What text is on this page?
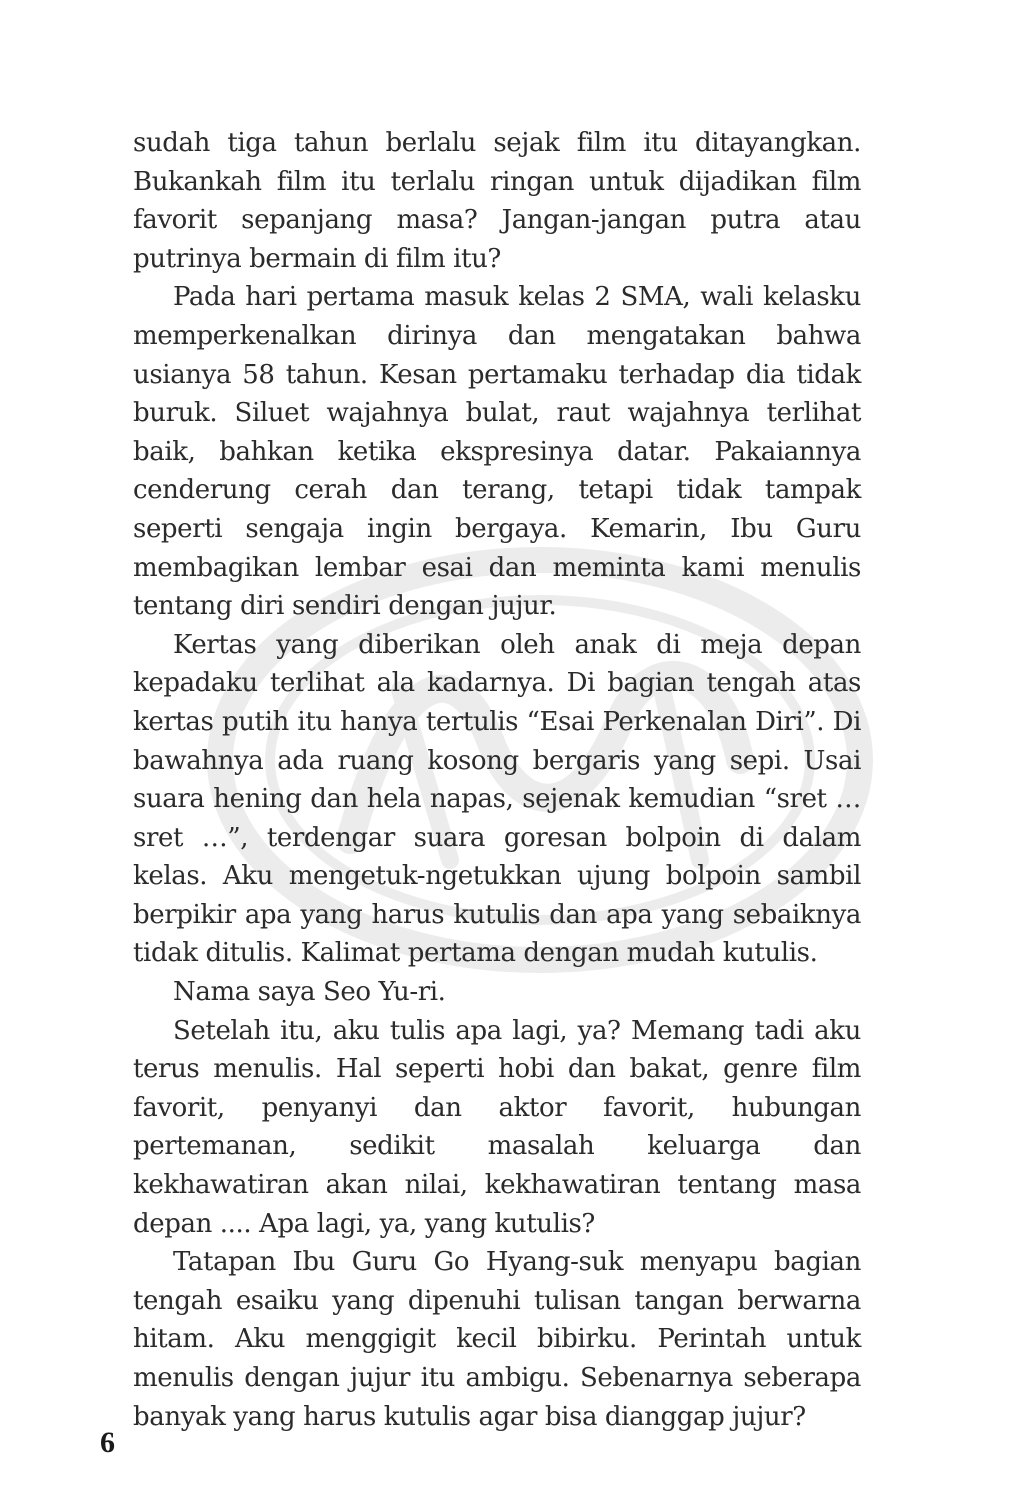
sudah tiga tahun berlalu sejak film itu ditayangkan. Bukankah film itu terlalu ringan untuk dijadikan film favorit sepanjang masa? Jangan-jangan putra atau putrinya bermain di film itu?

Pada hari pertama masuk kelas 2 SMA, wali kelasku memperkenalkan dirinya dan mengatakan bahwa usianya 58 tahun. Kesan pertamaku terhadap dia tidak buruk. Siluet wajahnya bulat, raut wajahnya terlihat baik, bahkan ketika ekspresinya datar. Pakaiannya cenderung cerah dan terang, tetapi tidak tampak seperti sengaja ingin bergaya. Kemarin, Ibu Guru membagikan lembar esai dan meminta kami menulis tentang diri sendiri dengan jujur.

Kertas yang diberikan oleh anak di meja depan kepadaku terlihat ala kadarnya. Di bagian tengah atas kertas putih itu hanya tertulis “Esai Perkenalan Diri”. Di bawahnya ada ruang kosong bergaris yang sepi. Usai suara hening dan hela napas, sejenak kemudian “sret … sret …”, terdengar suara goresan bolpoin di dalam kelas. Aku mengetuk-ngetukkan ujung bolpoin sambil berpikir apa yang harus kutulis dan apa yang sebaiknya tidak ditulis. Kalimat pertama dengan mudah kutulis.

Nama saya Seo Yu-ri.

Setelah itu, aku tulis apa lagi, ya? Memang tadi aku terus menulis. Hal seperti hobi dan bakat, genre film favorit, penyanyi dan aktor favorit, hubungan pertemanan, sedikit masalah keluarga dan kekhawatiran akan nilai, kekhawatiran tentang masa depan .... Apa lagi, ya, yang kutulis?

Tatapan Ibu Guru Go Hyang-suk menyapu bagian tengah esaiku yang dipenuhi tulisan tangan berwarna hitam. Aku menggigit kecil bibirku. Perintah untuk menulis dengan jujur itu ambigu. Sebenarnya seberapa banyak yang harus kutulis agar bisa dianggap jujur?

6
